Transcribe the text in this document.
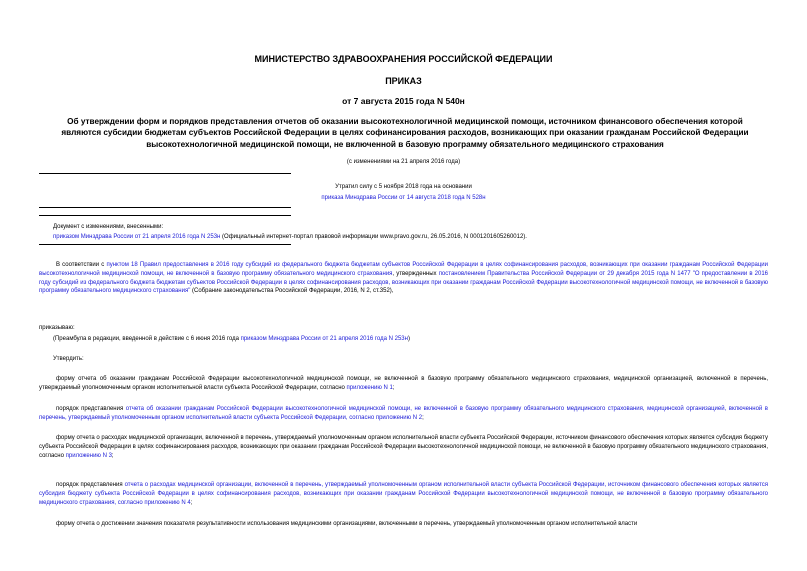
МИНИСТЕРСТВО ЗДРАВООХРАНЕНИЯ РОССИЙСКОЙ ФЕДЕРАЦИИ
ПРИКАЗ
от 7 августа 2015 года N 540н
Об утверждении форм и порядков представления отчетов об оказании высокотехнологичной медицинской помощи, источником финансового обеспечения которой являются субсидии бюджетам субъектов Российской Федерации в целях софинансирования расходов, возникающих при оказании гражданам Российской Федерации высокотехнологичной медицинской помощи, не включенной в базовую программу обязательного медицинского страхования
(с изменениями на 21 апреля 2016 года)
Утратил силу с 5 ноября 2018 года на основании
приказа Минздрава России от 14 августа 2018 года N 528н
Документ с изменениями, внесенными:
приказом Минздрава России от 21 апреля 2016 года N 253н (Официальный интернет-портал правовой информации www.pravo.gov.ru, 26.05.2016, N 0001201605260012).
В соответствии с пунктом 18 Правил предоставления в 2016 году субсидий из федерального бюджета бюджетам субъектов Российской Федерации в целях софинансирования расходов, возникающих при оказании гражданам Российской Федерации высокотехнологичной медицинской помощи, не включенной в базовую программу обязательного медицинского страхования, утвержденных постановлением Правительства Российской Федерации от 29 декабря 2015 года N 1477 "О предоставлении в 2016 году субсидий из федерального бюджета бюджетам субъектов Российской Федерации в целях софинансирования расходов, возникающих при оказании гражданам Российской Федерации высокотехнологичной медицинской помощи, не включенной в базовую программу обязательного медицинского страхования" (Собрание законодательства Российской Федерации, 2016, N 2, ст.352),
приказываю:
(Преамбула в редакции, введенной в действие с 6 июня 2016 года приказом Минздрава России от 21 апреля 2016 года N 253н)
Утвердить:
форму отчета об оказании гражданам Российской Федерации высокотехнологичной медицинской помощи, не включенной в базовую программу обязательного медицинского страхования, медицинской организацией, включенной в перечень, утверждаемый уполномоченным органом исполнительной власти субъекта Российской Федерации, согласно приложению N 1;
порядок представления отчета об оказании гражданам Российской Федерации высокотехнологичной медицинской помощи, не включенной в базовую программу обязательного медицинского страхования, медицинской организацией, включенной в перечень, утверждаемый уполномоченным органом исполнительной власти субъекта Российской Федерации, согласно приложению N 2;
форму отчета о расходах медицинской организации, включенной в перечень, утверждаемый уполномоченным органом исполнительной власти субъекта Российской Федерации, источником финансового обеспечения которых является субсидия бюджету субъекта Российской Федерации в целях софинансирования расходов, возникающих при оказании гражданам Российской Федерации высокотехнологичной медицинской помощи, не включенной в базовую программу обязательного медицинского страхования, согласно приложению N 3;
порядок представления отчета о расходах медицинской организации, включенной в перечень, утверждаемый уполномоченным органом исполнительной власти субъекта Российской Федерации, источником финансового обеспечения которых является субсидия бюджету субъекта Российской Федерации в целях софинансирования расходов, возникающих при оказании гражданам Российской Федерации высокотехнологичной медицинской помощи, не включенной в базовую программу обязательного медицинского страхования, согласно приложению N 4;
форму отчета о достижении значения показателя результативности использования медицинскими организациями, включенными в перечень, утверждаемый уполномоченным органом исполнительной власти
